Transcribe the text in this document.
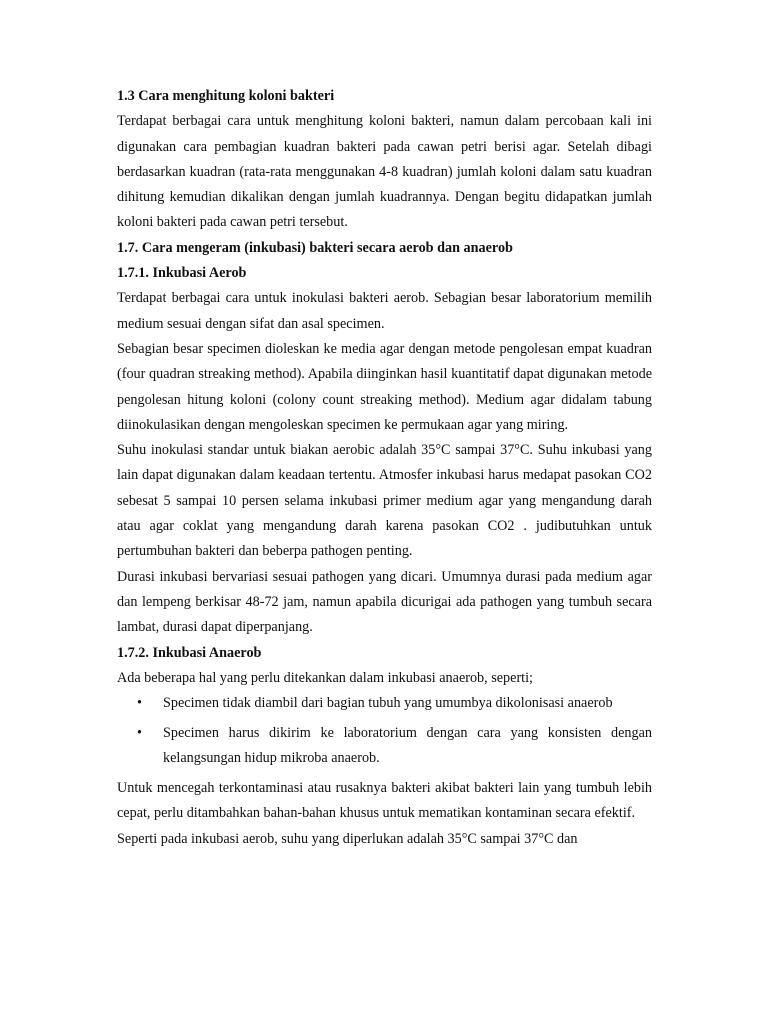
1.3 Cara menghitung koloni bakteri

Terdapat berbagai cara untuk menghitung koloni bakteri, namun dalam percobaan kali ini digunakan cara pembagian kuadran bakteri pada cawan petri berisi agar. Setelah dibagi berdasarkan kuadran (rata-rata menggunakan 4-8 kuadran) jumlah koloni dalam satu kuadran dihitung kemudian dikalikan dengan jumlah kuadrannya. Dengan begitu didapatkan jumlah koloni bakteri pada cawan petri tersebut.

1.7. Cara mengeram (inkubasi) bakteri secara aerob dan anaerob

1.7.1. Inkubasi Aerob

Terdapat berbagai cara untuk inokulasi bakteri aerob. Sebagian besar laboratorium memilih medium sesuai dengan sifat dan asal specimen.

Sebagian besar specimen dioleskan ke media agar dengan metode pengolesan empat kuadran (four quadran streaking method). Apabila diinginkan hasil kuantitatif dapat digunakan metode pengolesan hitung koloni (colony count streaking method). Medium agar didalam tabung diinokulasikan dengan mengoleskan specimen ke permukaan agar yang miring.

Suhu inokulasi standar untuk biakan aerobic adalah 35°C sampai 37°C. Suhu inkubasi yang lain dapat digunakan dalam keadaan tertentu. Atmosfer inkubasi harus medapat pasokan CO2 sebesat 5 sampai 10 persen selama inkubasi primer medium agar yang mengandung darah atau agar coklat yang mengandung darah karena pasokan CO2 . judibutuhkan untuk pertumbuhan bakteri dan beberpa pathogen penting.

Durasi inkubasi bervariasi sesuai pathogen yang dicari. Umumnya durasi pada medium agar dan lempeng berkisar 48-72 jam, namun apabila dicurigai ada pathogen yang tumbuh secara lambat, durasi dapat diperpanjang.

1.7.2. Inkubasi Anaerob

Ada beberapa hal yang perlu ditekankan dalam inkubasi anaerob, seperti;

• Specimen tidak diambil dari bagian tubuh yang umumbya dikolonisasi anaerob
• Specimen harus dikirim ke laboratorium dengan cara yang konsisten dengan kelangsungan hidup mikroba anaerob.

Untuk mencegah terkontaminasi atau rusaknya bakteri akibat bakteri lain yang tumbuh lebih cepat, perlu ditambahkan bahan-bahan khusus untuk mematikan kontaminan secara efektif.

Seperti pada inkubasi aerob, suhu yang diperlukan adalah 35°C sampai 37°C dan
